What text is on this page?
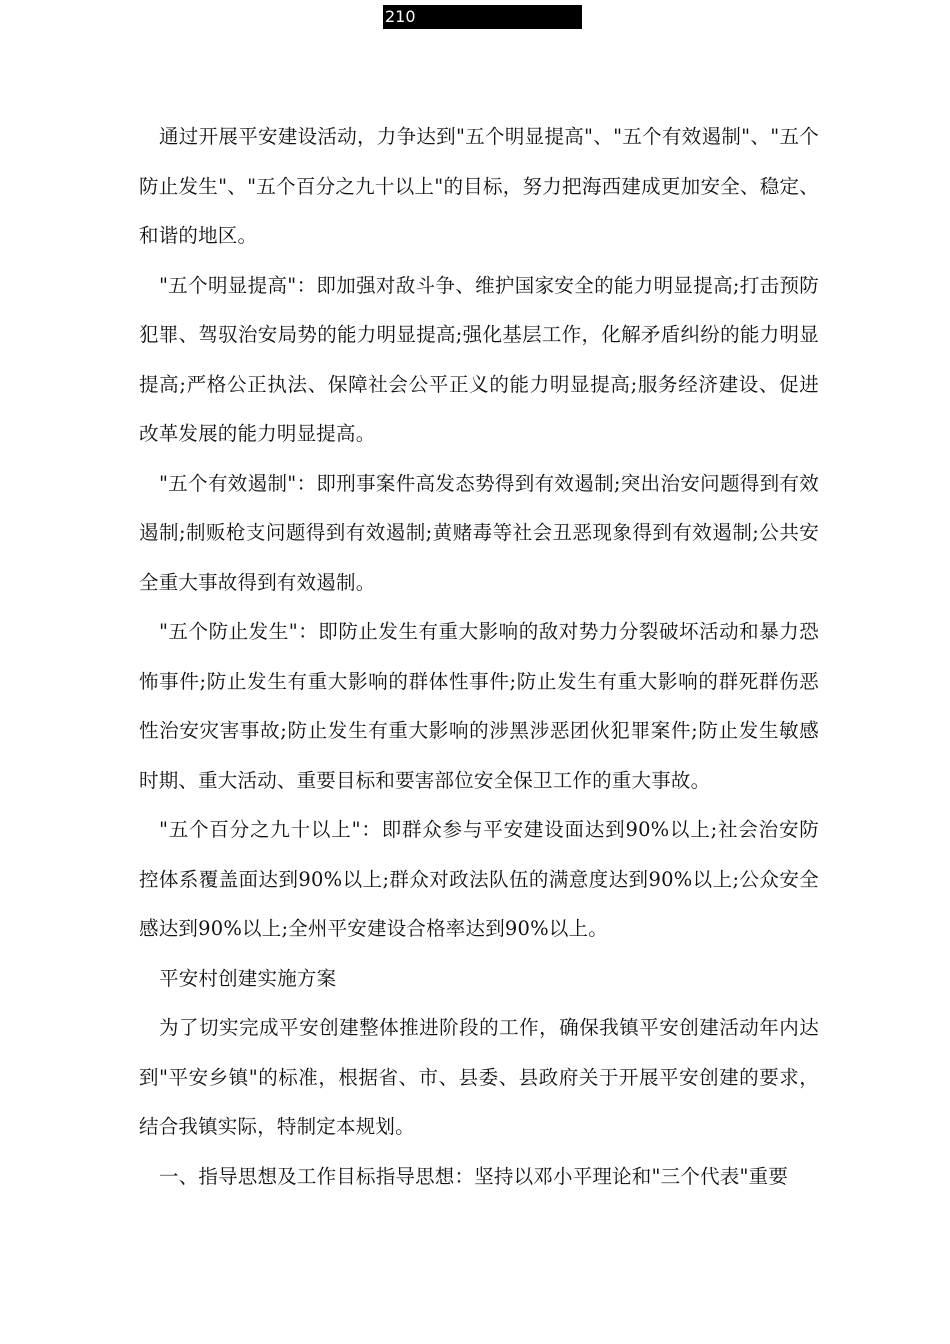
210

通过开展平安建设活动，力争达到"五个明显提高"、"五个有效遏制"、"五个防止发生"、"五个百分之九十以上"的目标，努力把海西建成更加安全、稳定、和谐的地区。

"五个明显提高"：即加强对敌斗争、维护国家安全的能力明显提高;打击预防犯罪、驾驭治安局势的能力明显提高;强化基层工作，化解矛盾纠纷的能力明显提高;严格公正执法、保障社会公平正义的能力明显提高;服务经济建设、促进改革发展的能力明显提高。

"五个有效遏制"：即刑事案件高发态势得到有效遏制;突出治安问题得到有效遏制;制贩枪支问题得到有效遏制;黄赌毒等社会丑恶现象得到有效遏制;公共安全重大事故得到有效遏制。

"五个防止发生"：即防止发生有重大影响的敌对势力分裂破坏活动和暴力恐怖事件;防止发生有重大影响的群体性事件;防止发生有重大影响的群死群伤恶性治安灾害事故;防止发生有重大影响的涉黑涉恶团伙犯罪案件;防止发生敏感时期、重大活动、重要目标和要害部位安全保卫工作的重大事故。

"五个百分之九十以上"：即群众参与平安建设面达到90%以上;社会治安防控体系覆盖面达到90%以上;群众对政法队伍的满意度达到90%以上;公众安全感达到90%以上;全州平安建设合格率达到90%以上。

平安村创建实施方案

为了切实完成平安创建整体推进阶段的工作，确保我镇平安创建活动年内达到"平安乡镇"的标准，根据省、市、县委、县政府关于开展平安创建的要求，结合我镇实际，特制定本规划。

一、指导思想及工作目标指导思想：坚持以邓小平理论和"三个代表"重要
